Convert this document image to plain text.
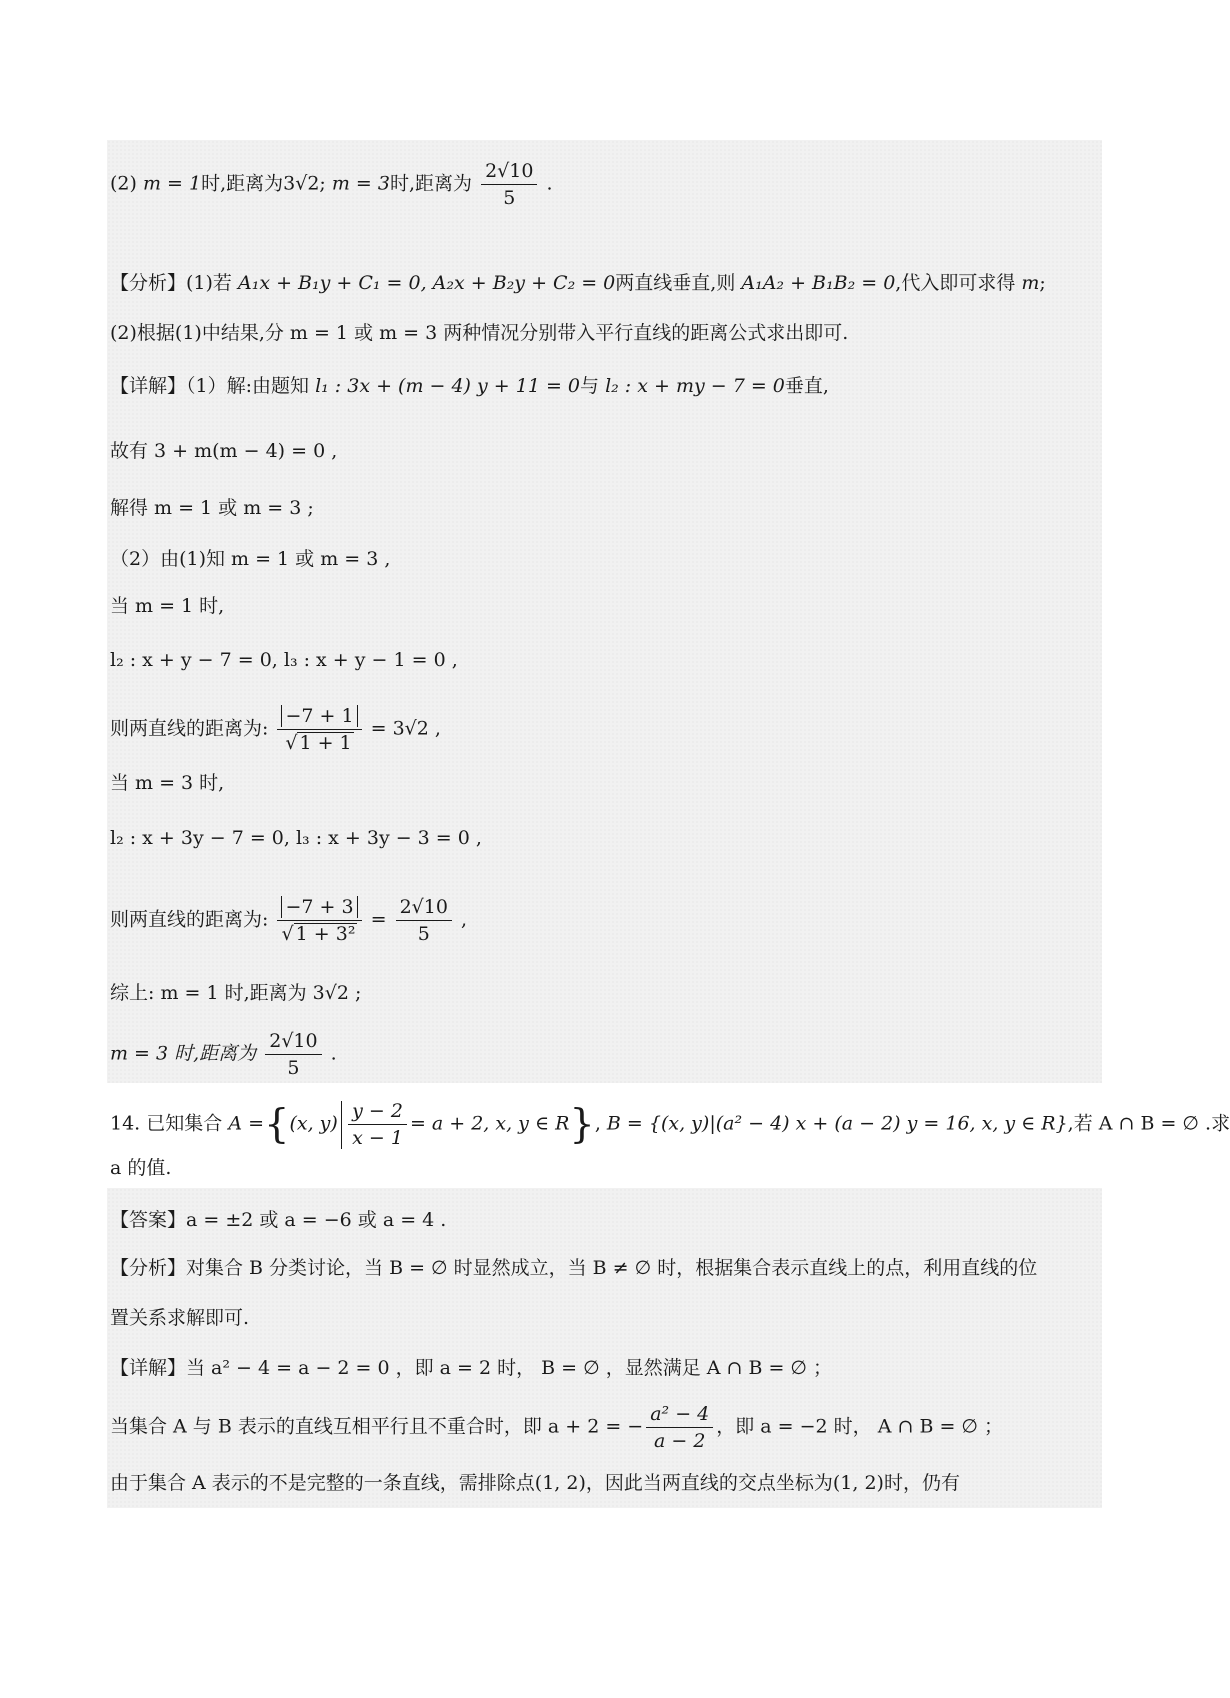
(2) m = 1时,距离为3√2; m = 3时,距离为 $\frac{2√10}{5}$ .
【分析】(1)若 A₁x + B₁y + C₁ = 0, A₂x + B₂y + C₂ = 0两直线垂直,则 A₁A₂ + B₁B₂ = 0,代入即可求得 m;
(2)根据(1)中结果,分 m = 1 或 m = 3 两种情况分别带入平行直线的距离公式求出即可.
【详解】（1）解:由题知 l₁ : 3x + (m − 4) y + 11 = 0与 l₂ : x + my − 7 = 0垂直,
故有 3 + m(m − 4) = 0 ,
解得 m = 1 或 m = 3 ;
（2）由(1)知 m = 1 或 m = 3 ,
当 m = 1 时,
l₂ : x + y − 7 = 0, l₃ : x + y − 1 = 0 ,
则两直线的距离为: $\frac{-7 + 1}{√ 1 + 1} = 3√2$ ,
当 m = 3 时,
l₂ : x + 3y − 7 = 0, l₃ : x + 3y − 3 = 0 ,
则两直线的距离为: $\frac{-7 + 3}{\text{√ 1 + 3²}} = \frac{2√10}{5}$ ,
综上: m = 1 时,距离为 3√2 ;
m = 3 时,距离为 $\frac{2√10}{5}$ .
14. 已知集合 A ={(x, $y) \frac{y - 2}{x - 1} = a + 2$, x, y ∈ R}, B = {(x, y)|(a² − 4) x + (a − 2) y = 16, x, y ∈ R},若 A ∩ B = ∅ .求
a 的值.
【答案】a = ±2 或 a = −6 或 a = 4 .
【分析】对集合 B 分类讨论，当 B = ∅ 时显然成立，当 B ≠ ∅ 时，根据集合表示直线上的点，利用直线的位
置关系求解即可.
【详解】当 a² − 4 = a − 2 = 0 ，即 a = 2 时， B = ∅ ，显然满足 A ∩ B = ∅ ；
当集合 A 与 B 表示的直线互相平行且不重合时，即 a + 2 = − $\frac{\text{a² − 4}}{a - 2}$ ，即 a = −2 时， A ∩ B = ∅ ；
由于集合 A 表示的不是完整的一条直线，需排除点(1, 2)，因此当两直线的交点坐标为(1, 2)时，仍有
